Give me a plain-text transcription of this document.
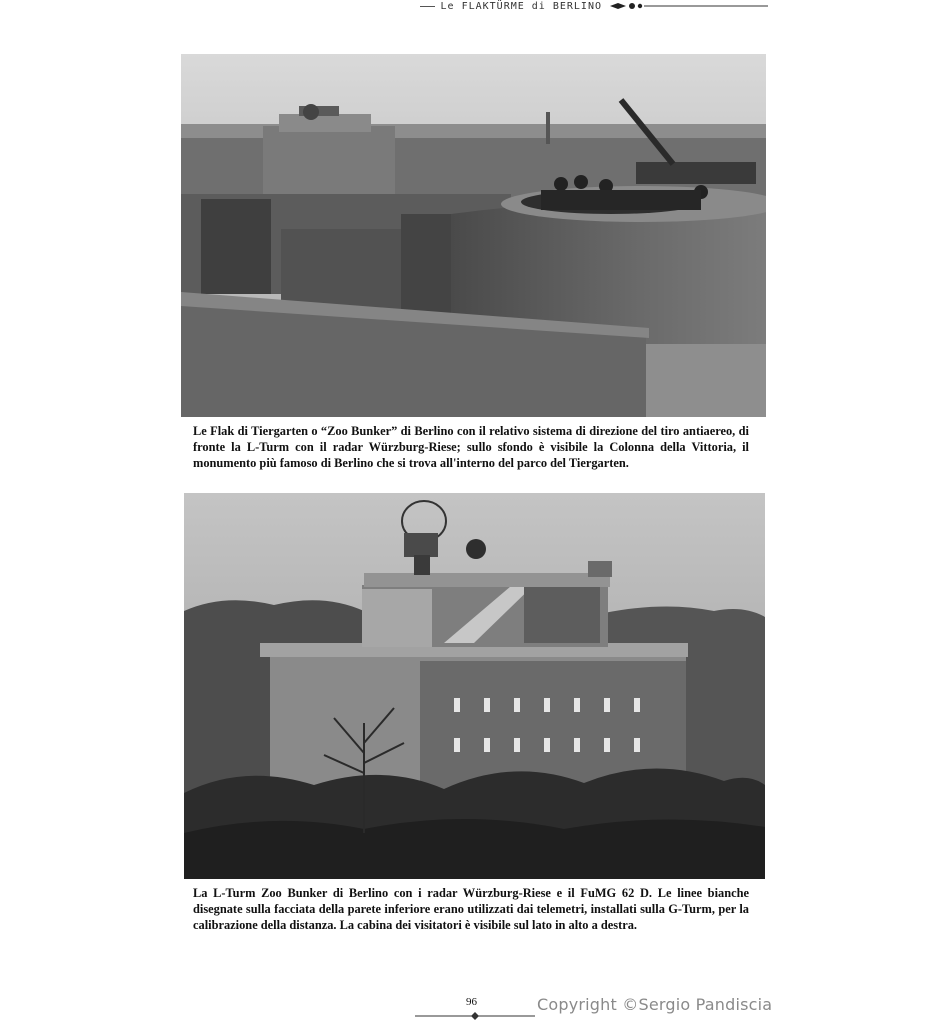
Le FLAKTÜRME di BERLINO
Le Flak di Tiergarten o “Zoo Bunker” di Berlino con il relativo sistema di direzione del tiro antiaereo, di fronte la L-Turm con il radar Würzburg-Riese; sullo sfondo è visibile la Colonna della Vittoria, il monumento più famoso di Berlino che si trova all'interno del parco del Tiergarten.
La L-Turm Zoo Bunker di Berlino con i radar Würzburg-Riese e il FuMG 62 D. Le linee bianche disegnate sulla facciata della parete inferiore erano utilizzati dai telemetri, installati sulla G-Turm, per la calibrazione della distanza. La cabina dei visitatori è visibile sul lato in alto a destra.
96	Copyright ©Sergio Pandiscia
